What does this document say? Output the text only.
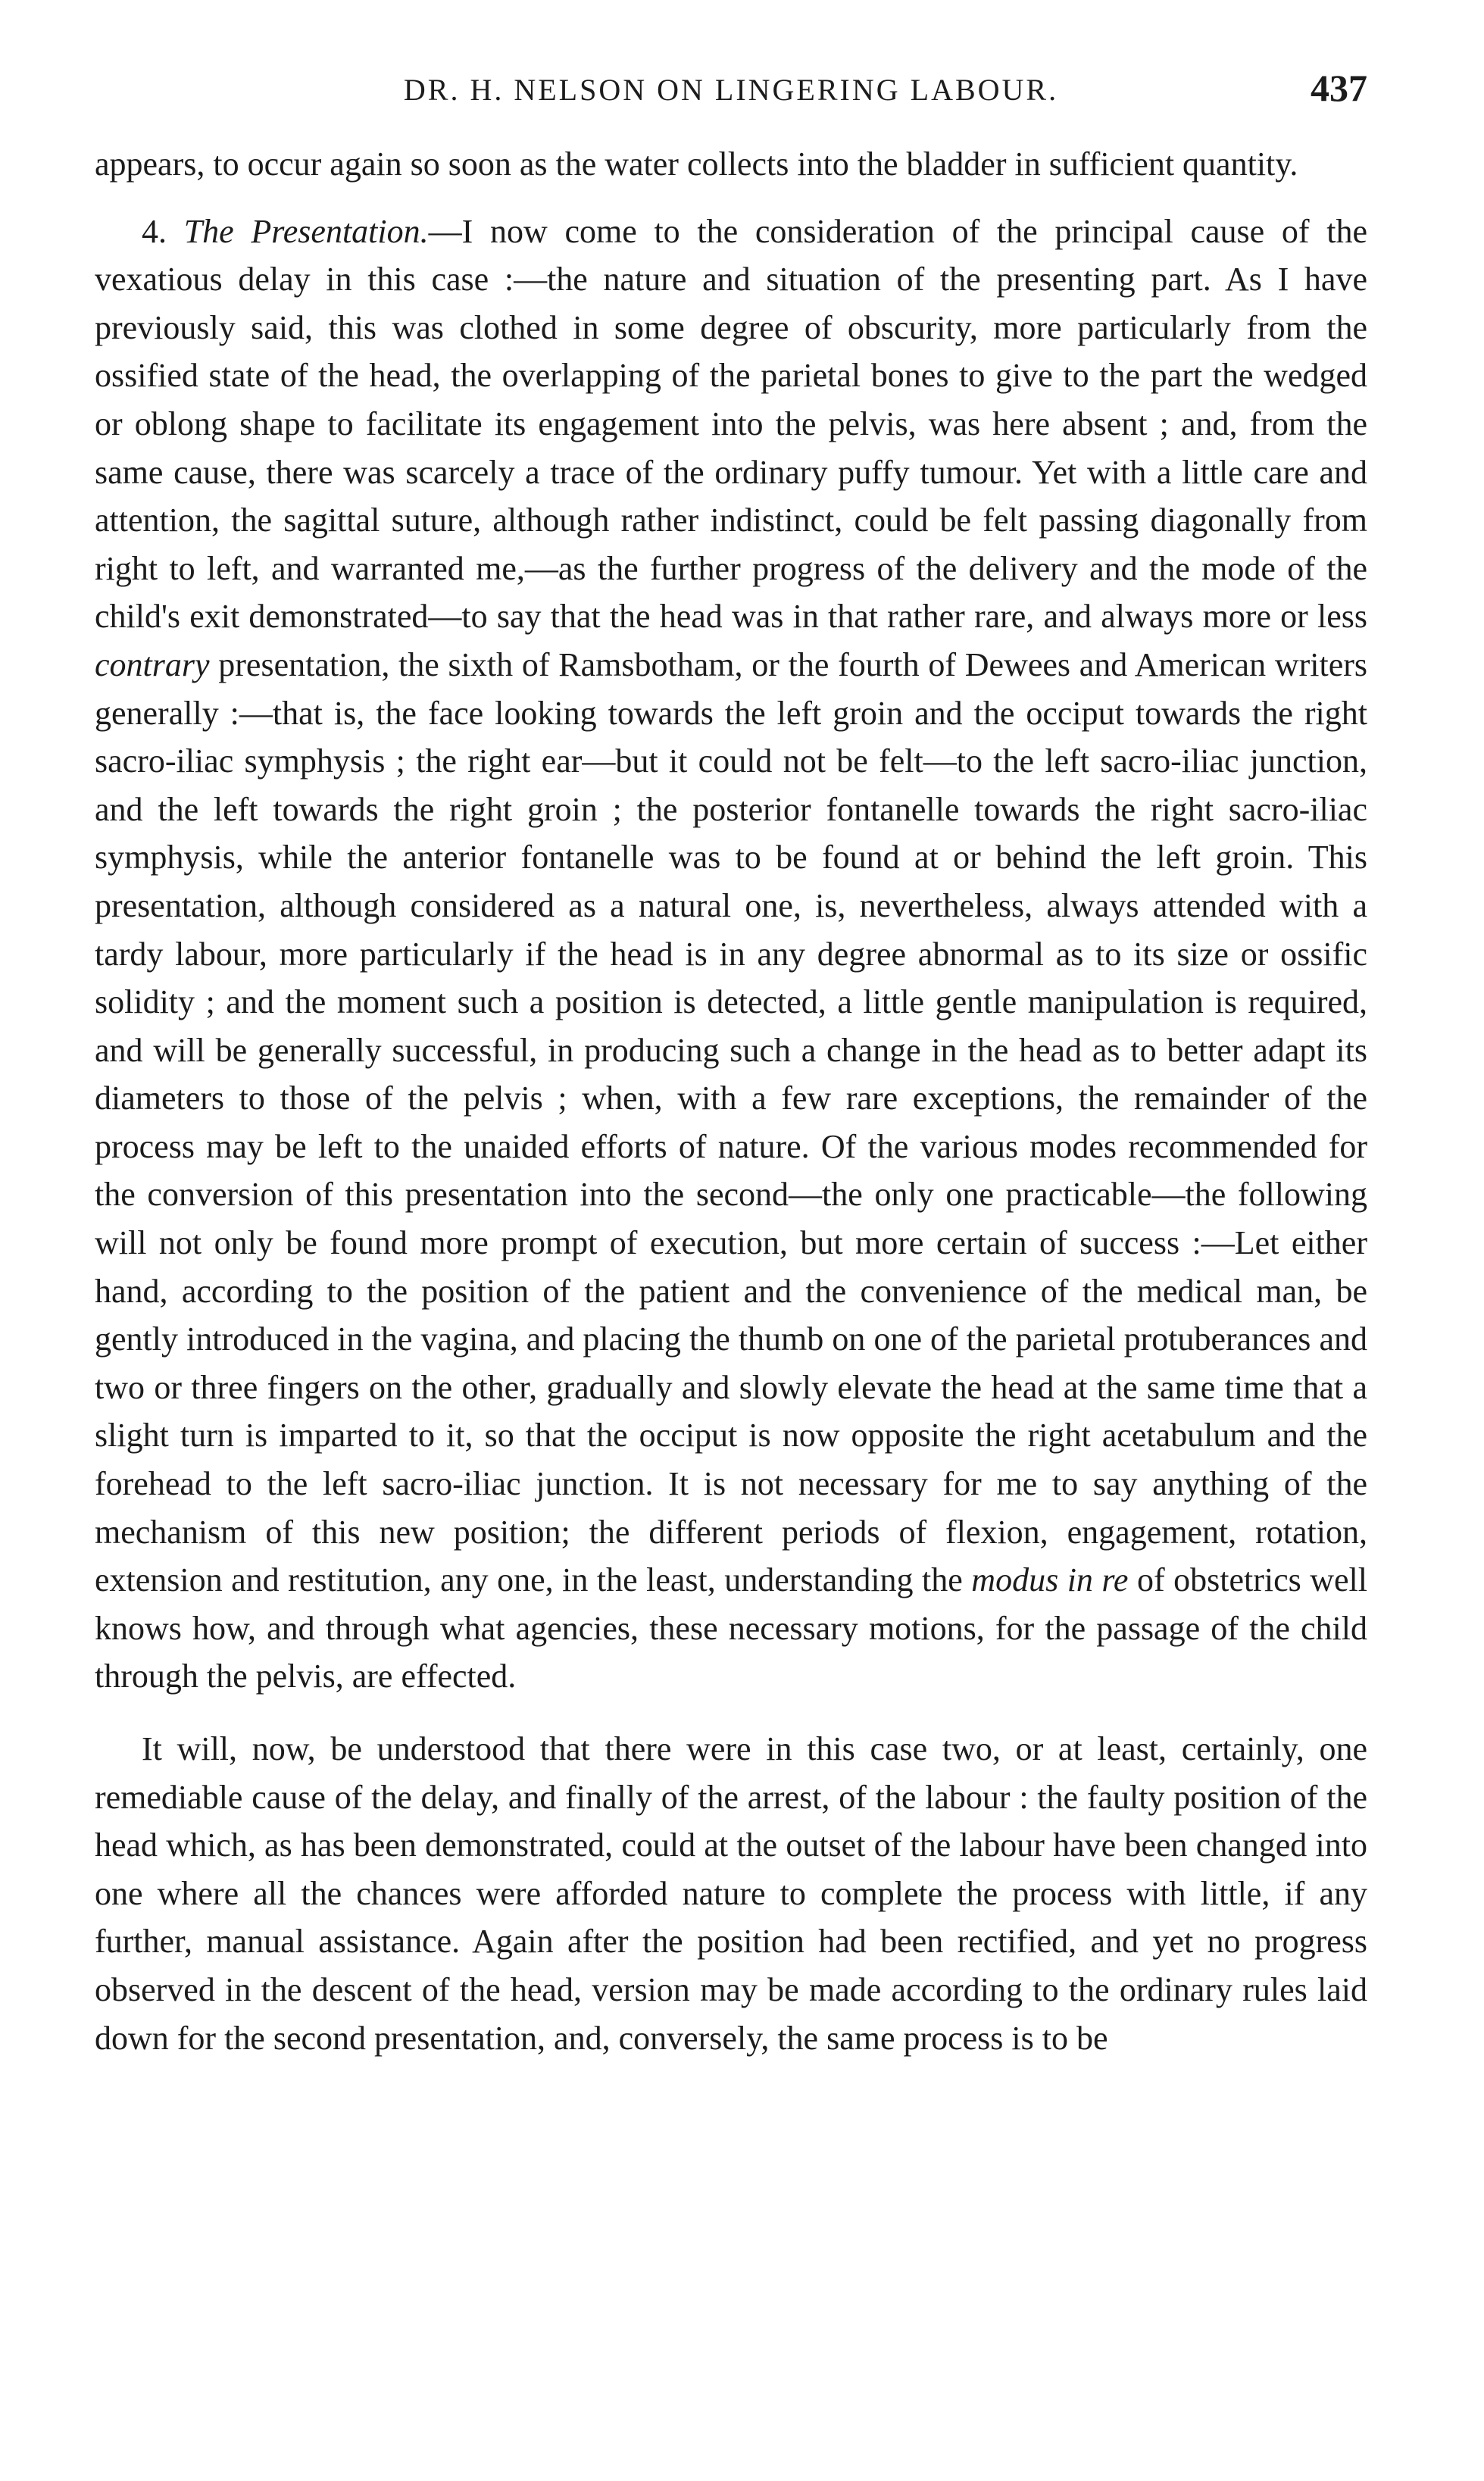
DR. H. NELSON ON LINGERING LABOUR.	437

appears, to occur again so soon as the water collects into the bladder in sufficient quantity.

4. The Presentation.—I now come to the consideration of the principal cause of the vexatious delay in this case :—the nature and situation of the presenting part. As I have previously said, this was clothed in some degree of obscurity, more particularly from the ossified state of the head, the overlapping of the parietal bones to give to the part the wedged or oblong shape to facilitate its engagement into the pelvis, was here absent ; and, from the same cause, there was scarcely a trace of the ordinary puffy tumour. Yet with a little care and attention, the sagittal suture, although rather indistinct, could be felt passing diagonally from right to left, and warranted me,—as the further progress of the delivery and the mode of the child's exit demonstrated—to say that the head was in that rather rare, and always more or less contrary presentation, the sixth of Ramsbotham, or the fourth of Dewees and American writers generally :—that is, the face looking towards the left groin and the occiput towards the right sacro-iliac symphysis ; the right ear—but it could not be felt—to the left sacro-iliac junction, and the left towards the right groin ; the posterior fontanelle towards the right sacro-iliac symphysis, while the anterior fontanelle was to be found at or behind the left groin. This presentation, although considered as a natural one, is, nevertheless, always attended with a tardy labour, more particularly if the head is in any degree abnormal as to its size or ossific solidity ; and the moment such a position is detected, a little gentle manipulation is required, and will be generally successful, in producing such a change in the head as to better adapt its diameters to those of the pelvis ; when, with a few rare exceptions, the remainder of the process may be left to the unaided efforts of nature. Of the various modes recommended for the conversion of this presentation into the second—the only one practicable—the following will not only be found more prompt of execution, but more certain of success :—Let either hand, according to the position of the patient and the convenience of the medical man, be gently introduced in the vagina, and placing the thumb on one of the parietal protuberances and two or three fingers on the other, gradually and slowly elevate the head at the same time that a slight turn is imparted to it, so that the occiput is now opposite the right acetabulum and the forehead to the left sacro-iliac junction. It is not necessary for me to say anything of the mechanism of this new position; the different periods of flexion, engagement, rotation, extension and restitution, any one, in the least, understanding the modus in re of obstetrics well knows how, and through what agencies, these necessary motions, for the passage of the child through the pelvis, are effected.

It will, now, be understood that there were in this case two, or at least, certainly, one remediable cause of the delay, and finally of the arrest, of the labour : the faulty position of the head which, as has been demonstrated, could at the outset of the labour have been changed into one where all the chances were afforded nature to complete the process with little, if any further, manual assistance. Again after the position had been rectified, and yet no progress observed in the descent of the head, version may be made according to the ordinary rules laid down for the second presentation, and, conversely, the same process is to be
